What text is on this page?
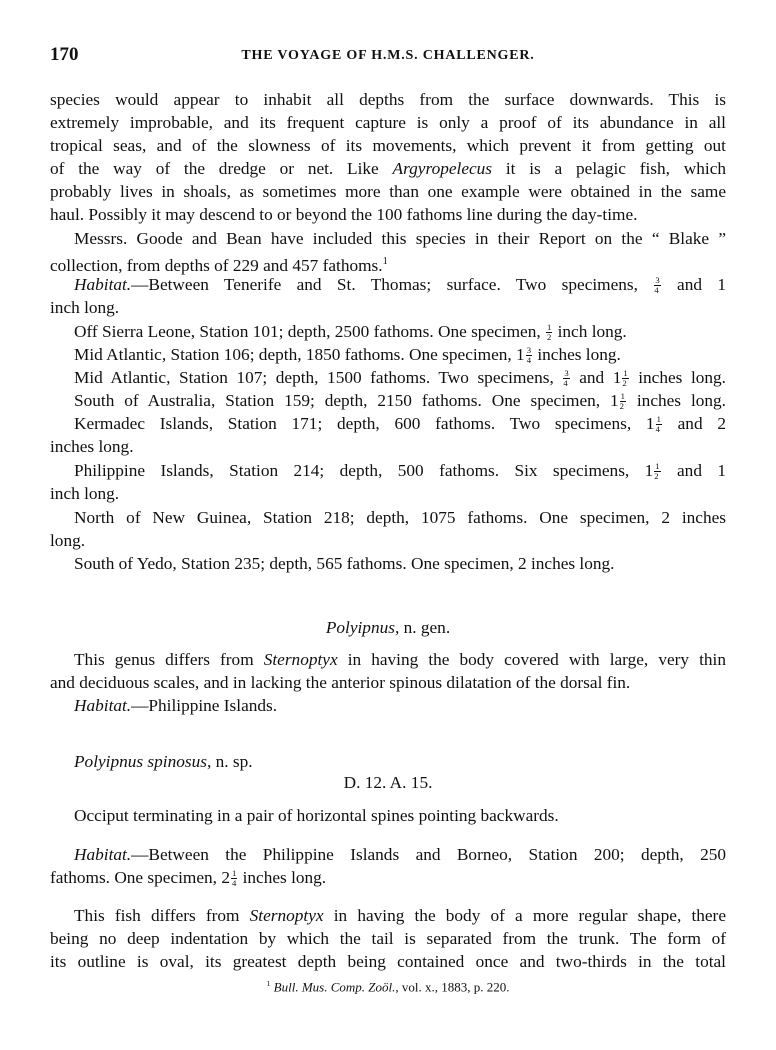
170	THE VOYAGE OF H.M.S. CHALLENGER.
species would appear to inhabit all depths from the surface downwards. This is
extremely improbable, and its frequent capture is only a proof of its abundance in all
tropical seas, and of the slowness of its movements, which prevent it from getting out
of the way of the dredge or net. Like Argyropelecus it is a pelagic fish, which
probably lives in shoals, as sometimes more than one example were obtained in the same
haul. Possibly it may descend to or beyond the 100 fathoms line during the day-time.
Messrs. Goode and Bean have included this species in their Report on the “ Blake ”
collection, from depths of 229 and 457 fathoms.$^1$
Habitat.—Between Tenerife and St. Thomas; surface. Two specimens, $\frac{3}{4}$ and 1
inch long.
Off Sierra Leone, Station 101; depth, 2500 fathoms. One specimen, $\frac{1}{2}$ inch long.
Mid Atlantic, Station 106; depth, 1850 fathoms. One specimen, $1 \frac{3}{4}$ inches long.
Mid Atlantic, Station 107; depth, 1500 fathoms. Two specimens, $\frac{3}{4}$ and $1 \frac{1}{2}$ inches long.
South of Australia, Station 159; depth, 2150 fathoms. One specimen, $1 \frac{1}{2}$ inches long.
Kermadec Islands, Station 171; depth, 600 fathoms. Two specimens, $1 \frac{1}{4}$ and 2
inches long.
Philippine Islands, Station 214; depth, 500 fathoms. Six specimens, $1 \frac{1}{2}$ and 1
inch long.
North of New Guinea, Station 218; depth, 1075 fathoms. One specimen, 2 inches
long.
South of Yedo, Station 235; depth, 565 fathoms. One specimen, 2 inches long.
Polyipnus, n. gen.
This genus differs from Sternoptyx in having the body covered with large, very thin
and deciduous scales, and in lacking the anterior spinous dilatation of the dorsal fin.
Habitat.—Philippine Islands.
Polyipnus spinosus, n. sp.
D. 12. A. 15.
Occiput terminating in a pair of horizontal spines pointing backwards.
Habitat.—Between the Philippine Islands and Borneo, Station 200; depth, 250
fathoms. One specimen, $2 \frac{1}{4}$ inches long.
This fish differs from Sternoptyx in having the body of a more regular shape, there
being no deep indentation by which the tail is separated from the trunk. The form of
its outline is oval, its greatest depth being contained once and two-thirds in the total
$^1$ Bull. Mus. Comp. Zoöl., vol. x., 1883, p. 220.
